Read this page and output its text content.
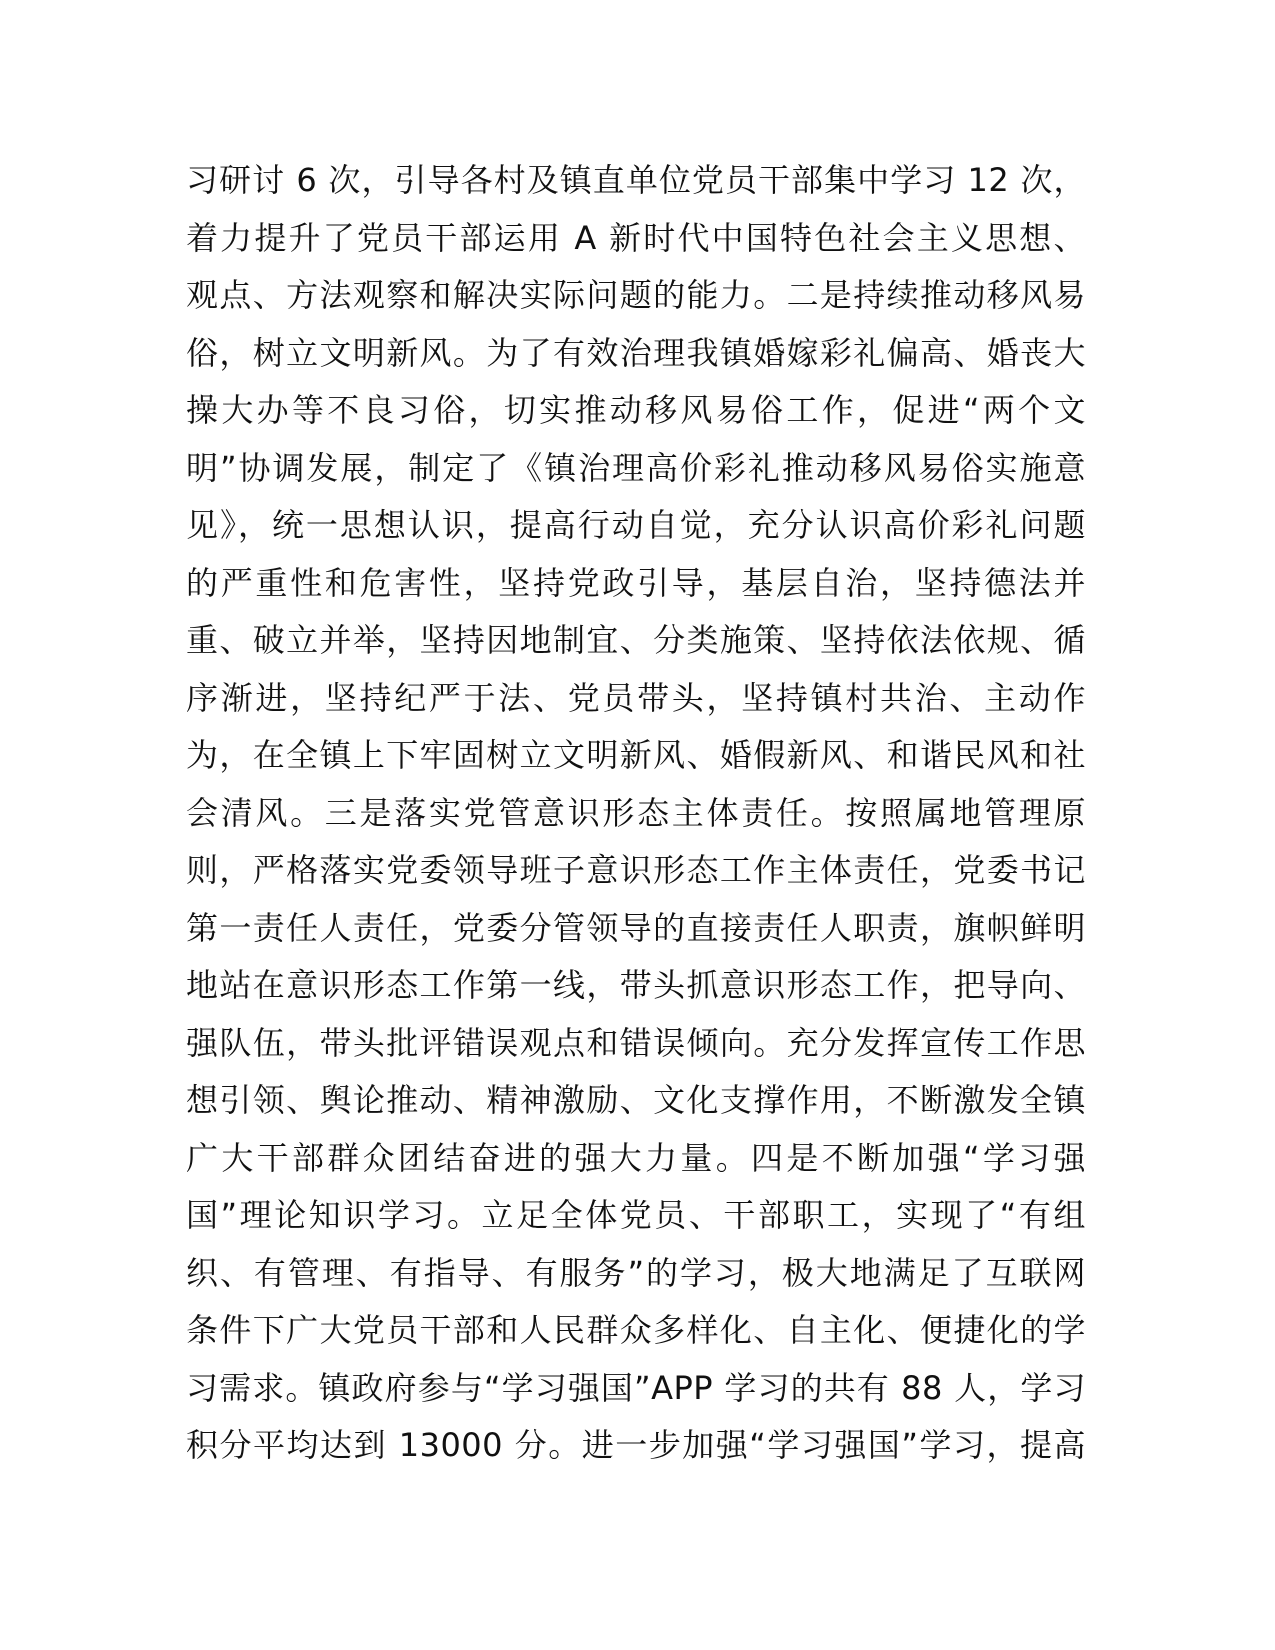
习研讨 6 次，引导各村及镇直单位党员干部集中学习 12 次，
着力提升了党员干部运用 A 新时代中国特色社会主义思想、
观点、方法观察和解决实际问题的能力。二是持续推动移风易
俗，树立文明新风。为了有效治理我镇婚嫁彩礼偏高、婚丧大
操大办等不良习俗，切实推动移风易俗工作，促进“两个文
明”协调发展，制定了《镇治理高价彩礼推动移风易俗实施意
见》，统一思想认识，提高行动自觉，充分认识高价彩礼问题
的严重性和危害性，坚持党政引导，基层自治，坚持德法并
重、破立并举，坚持因地制宜、分类施策、坚持依法依规、循
序渐进，坚持纪严于法、党员带头，坚持镇村共治、主动作
为，在全镇上下牢固树立文明新风、婚假新风、和谐民风和社
会清风。三是落实党管意识形态主体责任。按照属地管理原
则，严格落实党委领导班子意识形态工作主体责任，党委书记
第一责任人责任，党委分管领导的直接责任人职责，旗帜鲜明
地站在意识形态工作第一线，带头抓意识形态工作，把导向、
强队伍，带头批评错误观点和错误倾向。充分发挥宣传工作思
想引领、舆论推动、精神激励、文化支撑作用，不断激发全镇
广大干部群众团结奋进的强大力量。四是不断加强“学习强
国”理论知识学习。立足全体党员、干部职工，实现了“有组
织、有管理、有指导、有服务”的学习，极大地满足了互联网
条件下广大党员干部和人民群众多样化、自主化、便捷化的学
习需求。镇政府参与“学习强国”APP 学习的共有 88 人，学习
积分平均达到 13000 分。进一步加强“学习强国”学习，提高
